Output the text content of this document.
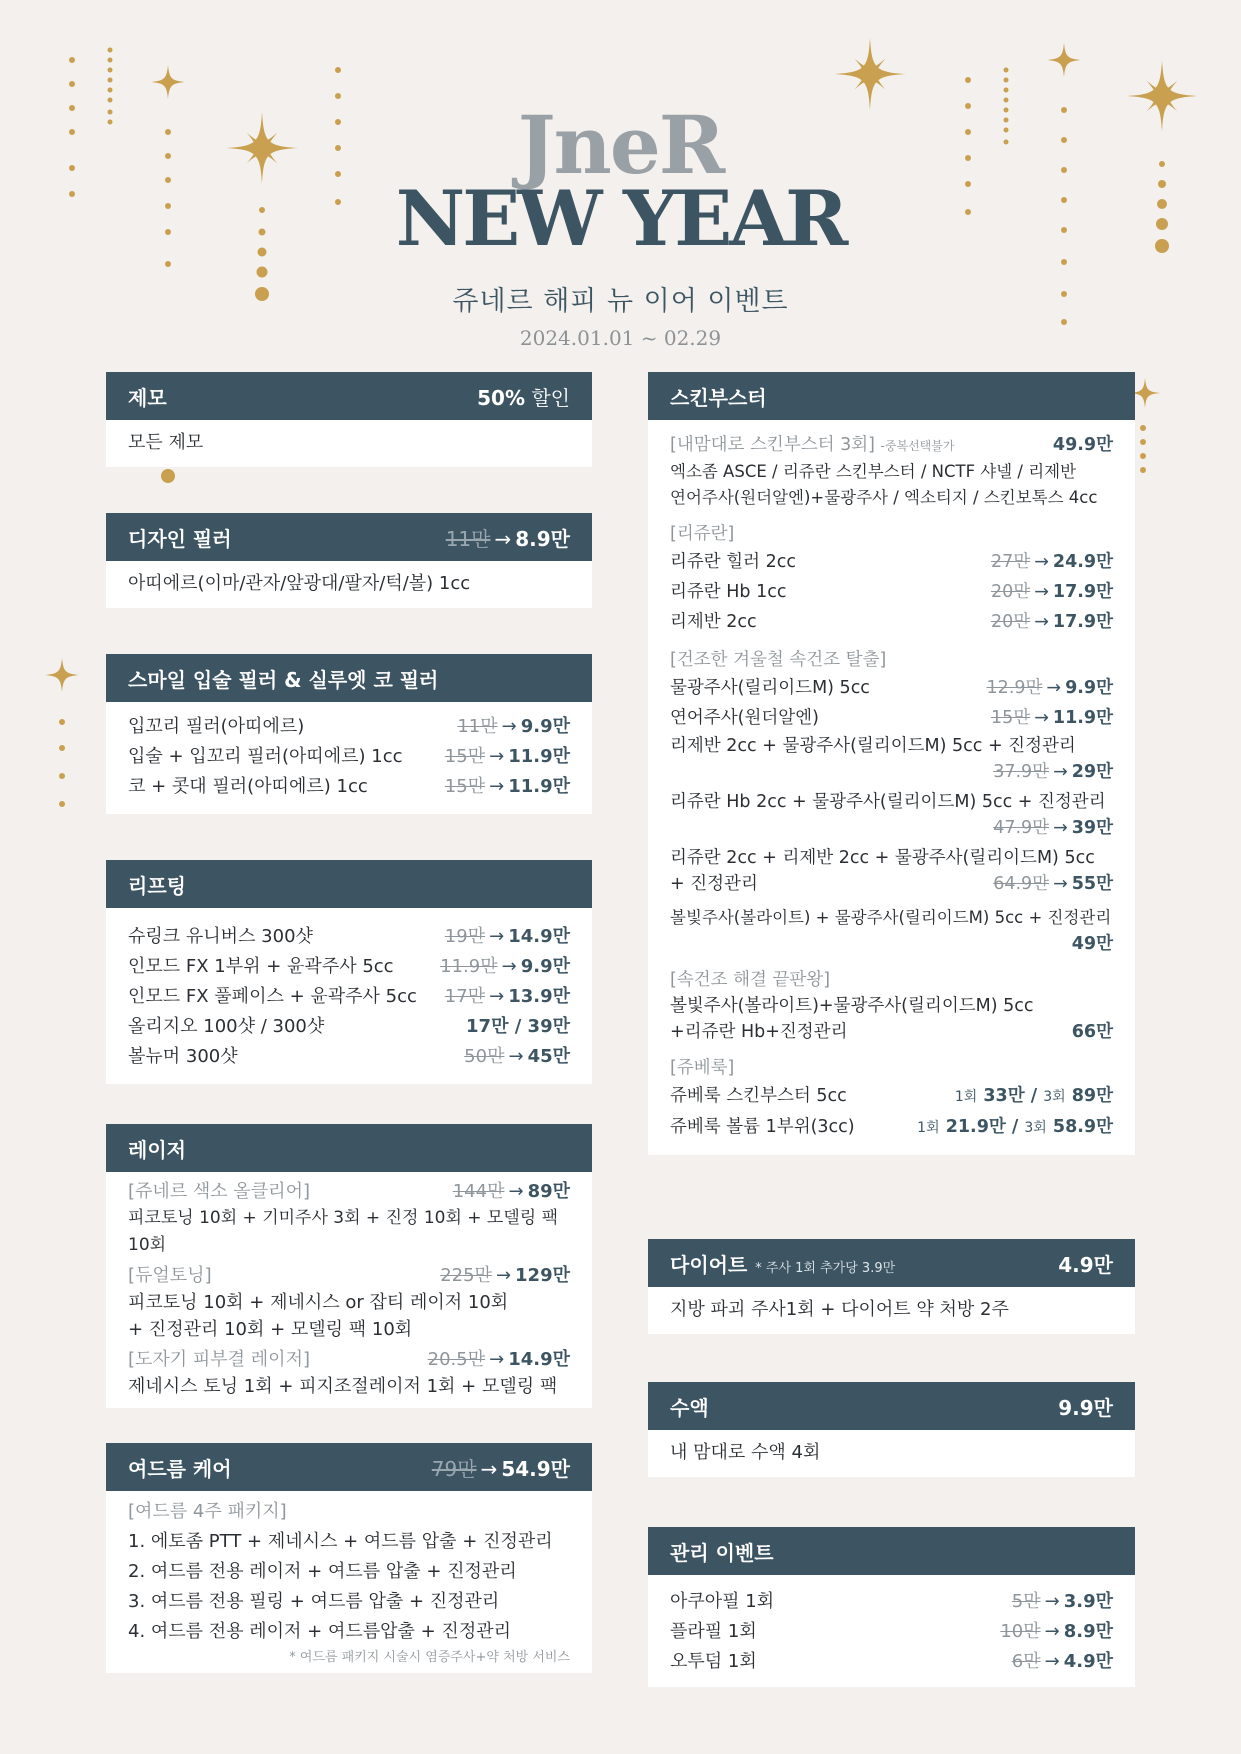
JneR
NEW YEAR
쥬네르 해피 뉴 이어 이벤트
2024.01.01 ~ 02.29
제모	50% 할인
모든 제모
디자인 필러	11만 → 8.9만
아띠에르(이마/관자/앞광대/팔자/턱/볼) 1cc
스마일 입술 필러 & 실루엣 코 필러
입꼬리 필러(아띠에르)	11만 → 9.9만
입술 + 입꼬리 필러(아띠에르) 1cc 15만 → 11.9만
코 + 콧대 필러(아띠에르) 1cc	15만 → 11.9만
리프팅
슈링크 유니버스 300샷	19만 → 14.9만
인모드 FX 1부위 + 윤곽주사 5cc	11.9만 → 9.9만
인모드 FX 풀페이스 + 윤곽주사 5cc 17만 → 13.9만
올리지오 100샷 / 300샷	17만 / 39만
볼뉴머 300샷	50만 → 45만
레이저
[쥬네르 색소 올클리어]	144만 → 89만
피코토닝 10회 + 기미주사 3회 + 진정 10회 + 모델링 팩 10회
[듀얼토닝]	225만 → 129만
피코토닝 10회 + 제네시스 or 잡티 레이저 10회
+ 진정관리 10회 + 모델링 팩 10회
[도자기 피부결 레이저]	20.5만 → 14.9만
제네시스 토닝 1회 + 피지조절레이저 1회 + 모델링 팩
여드름 케어	79만 → 54.9만
[여드름 4주 패키지]
1. 에토좀 PTT + 제네시스 + 여드름 압출 + 진정관리
2. 여드름 전용 레이저 + 여드름 압출 + 진정관리
3. 여드름 전용 필링 + 여드름 압출 + 진정관리
4. 여드름 전용 레이저 + 여드름압출 + 진정관리
* 여드름 패키지 시술시 염증주사+약 처방 서비스
스킨부스터
[내맘대로 스킨부스터 3회] -중복선택불가	49.9만
엑소좀 ASCE / 리쥬란 스킨부스터 / NCTF 샤넬 / 리제반
연어주사(원더알엔)+물광주사 / 엑소티지 / 스킨보톡스 4cc
[리쥬란]
리쥬란 힐러 2cc	27만 → 24.9만
리쥬란 Hb 1cc	20만 → 17.9만
리제반 2cc	20만 → 17.9만
[건조한 겨울철 속건조 탈출]
물광주사(릴리이드M) 5cc	12.9만 → 9.9만
연어주사(원더알엔)	15만 → 11.9만
리제반 2cc + 물광주사(릴리이드M) 5cc + 진정관리
37.9만 → 29만
리쥬란 Hb 2cc + 물광주사(릴리이드M) 5cc + 진정관리
47.9만 → 39만
리쥬란 2cc + 리제반 2cc + 물광주사(릴리이드M) 5cc
+ 진정관리	64.9만 → 55만
볼빛주사(볼라이트) + 물광주사(릴리이드M) 5cc + 진정관리
49만
[속건조 해결 끝판왕]
볼빛주사(볼라이트)+물광주사(릴리이드M) 5cc
+리쥬란 Hb+진정관리	66만
[쥬베룩]
쥬베룩 스킨부스터 5cc	1회 33만 / 3회 89만
쥬베룩 볼륨 1부위(3cc)	1회 21.9만 / 3회 58.9만
다이어트 * 주사 1회 추가당 3.9만	4.9만
지방 파괴 주사1회 + 다이어트 약 처방 2주
수액	9.9만
내 맘대로 수액 4회
관리 이벤트
아쿠아필 1회	5만 → 3.9만
플라필 1회	10만 → 8.9만
오투덤 1회	6만 → 4.9만
